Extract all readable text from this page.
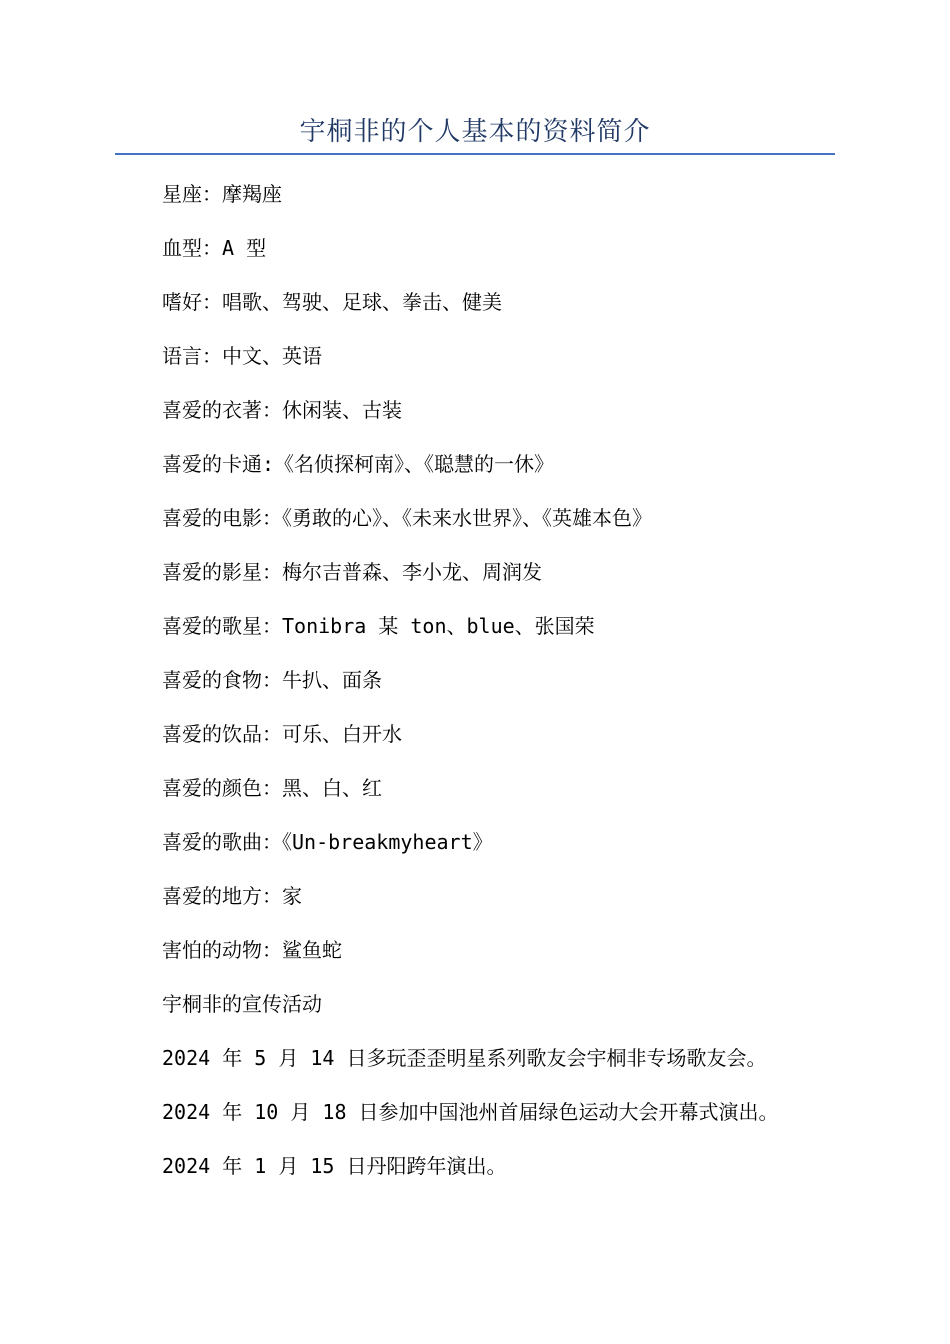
宇桐非的个人基本的资料简介
星座：摩羯座
血型：A 型
嗜好：唱歌、驾驶、足球、拳击、健美
语言：中文、英语
喜爱的衣著：休闲装、古装
喜爱的卡通:《名侦探柯南》、《聪慧的一休》
喜爱的电影：《勇敢的心》、《未来水世界》、《英雄本色》
喜爱的影星：梅尔吉普森、李小龙、周润发
喜爱的歌星：Tonibra 某 ton、blue、张国荣
喜爱的食物：牛扒、面条
喜爱的饮品：可乐、白开水
喜爱的颜色：黑、白、红
喜爱的歌曲：《Un-breakmyheart》
喜爱的地方：家
害怕的动物：鲨鱼蛇
宇桐非的宣传活动
2024 年 5 月 14 日多玩歪歪明星系列歌友会宇桐非专场歌友会。
2024 年 10 月 18 日参加中国池州首届绿色运动大会开幕式演出。
2024 年 1 月 15 日丹阳跨年演出。
